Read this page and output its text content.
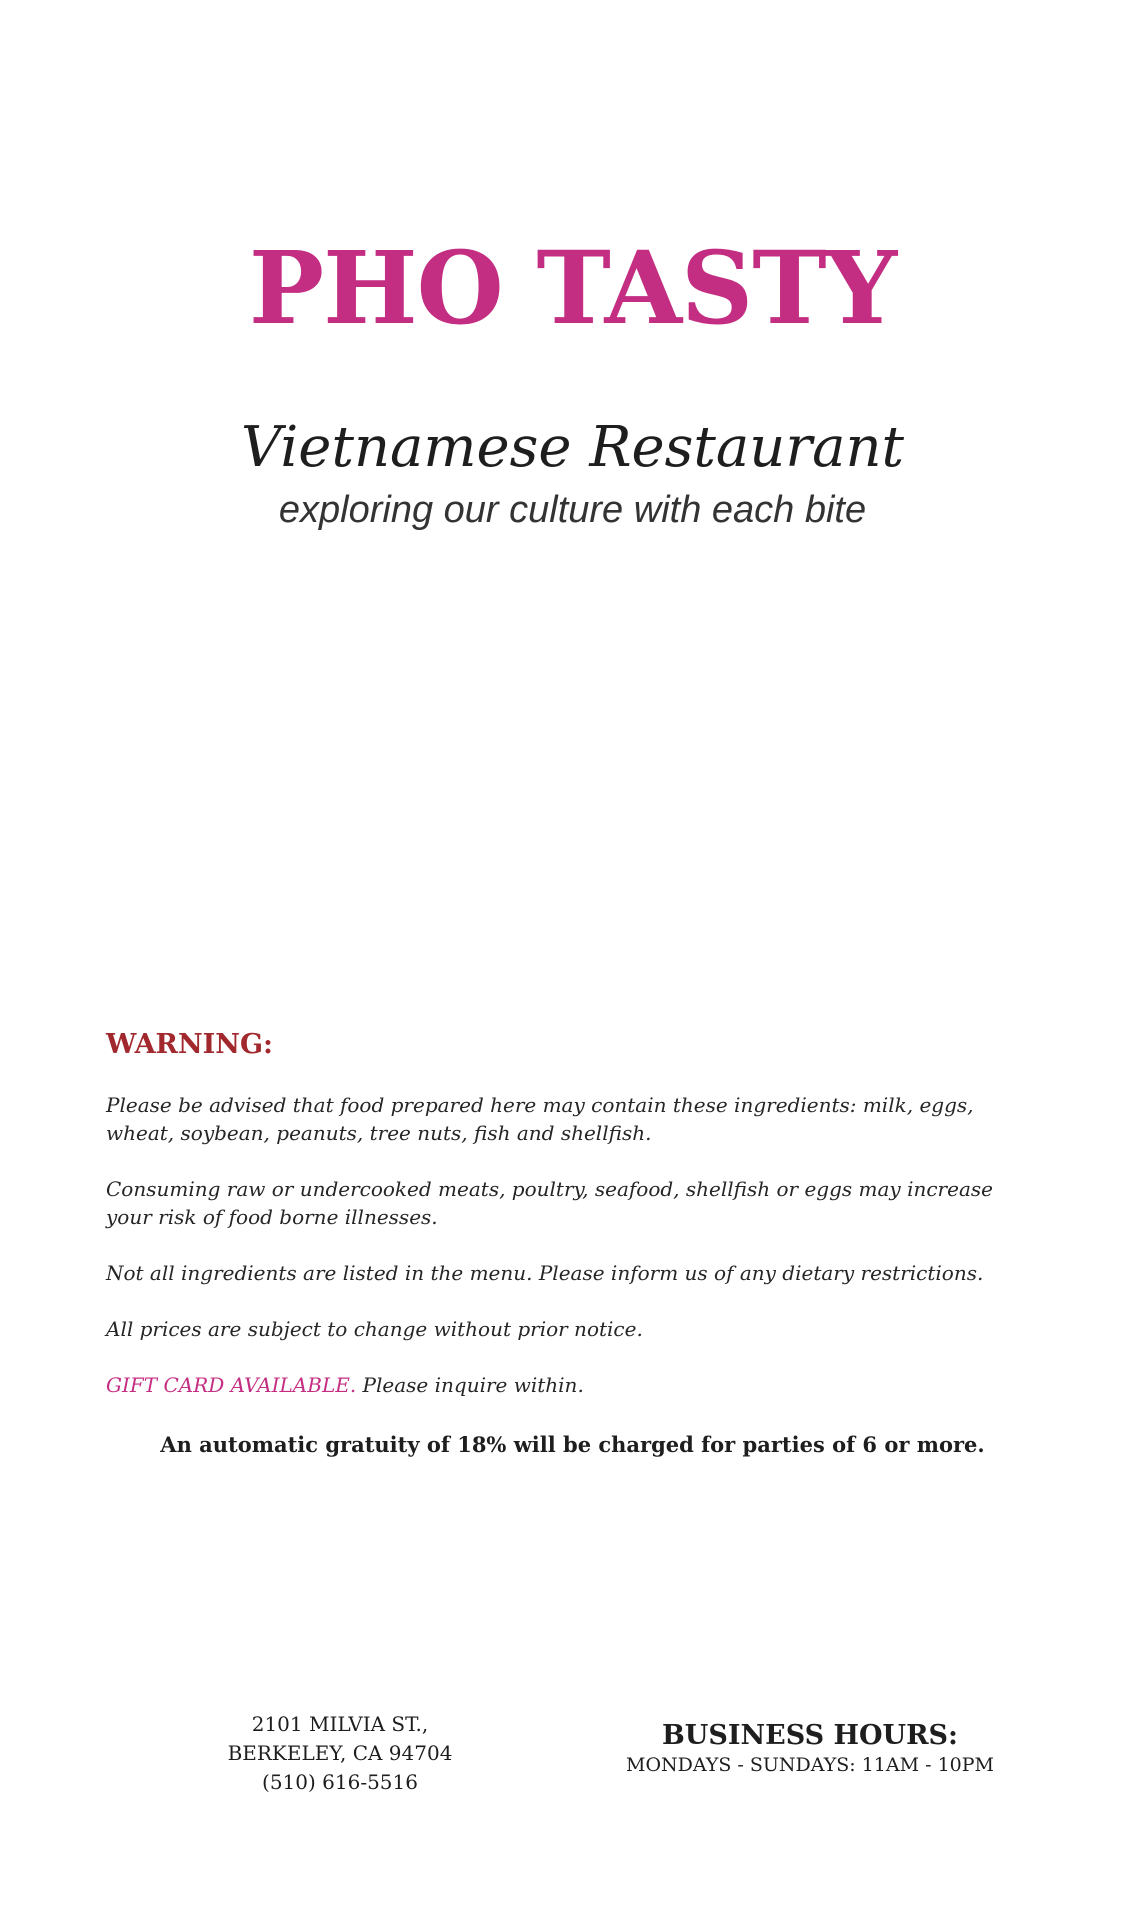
PHO TASTY
Vietnamese Restaurant
exploring our culture with each bite
WARNING:
Please be advised that food prepared here may contain these ingredients: milk, eggs, wheat, soybean, peanuts, tree nuts, fish and shellfish.
Consuming raw or undercooked meats, poultry, seafood, shellfish or eggs may increase your risk of food borne illnesses.
Not all ingredients are listed in the menu. Please inform us of any dietary restrictions.
All prices are subject to change without prior notice.
GIFT CARD AVAILABLE. Please inquire within.
An automatic gratuity of 18% will be charged for parties of 6 or more.
2101 MILVIA ST.,
BERKELEY, CA 94704
(510) 616-5516
BUSINESS HOURS:
MONDAYS - SUNDAYS: 11AM - 10PM
